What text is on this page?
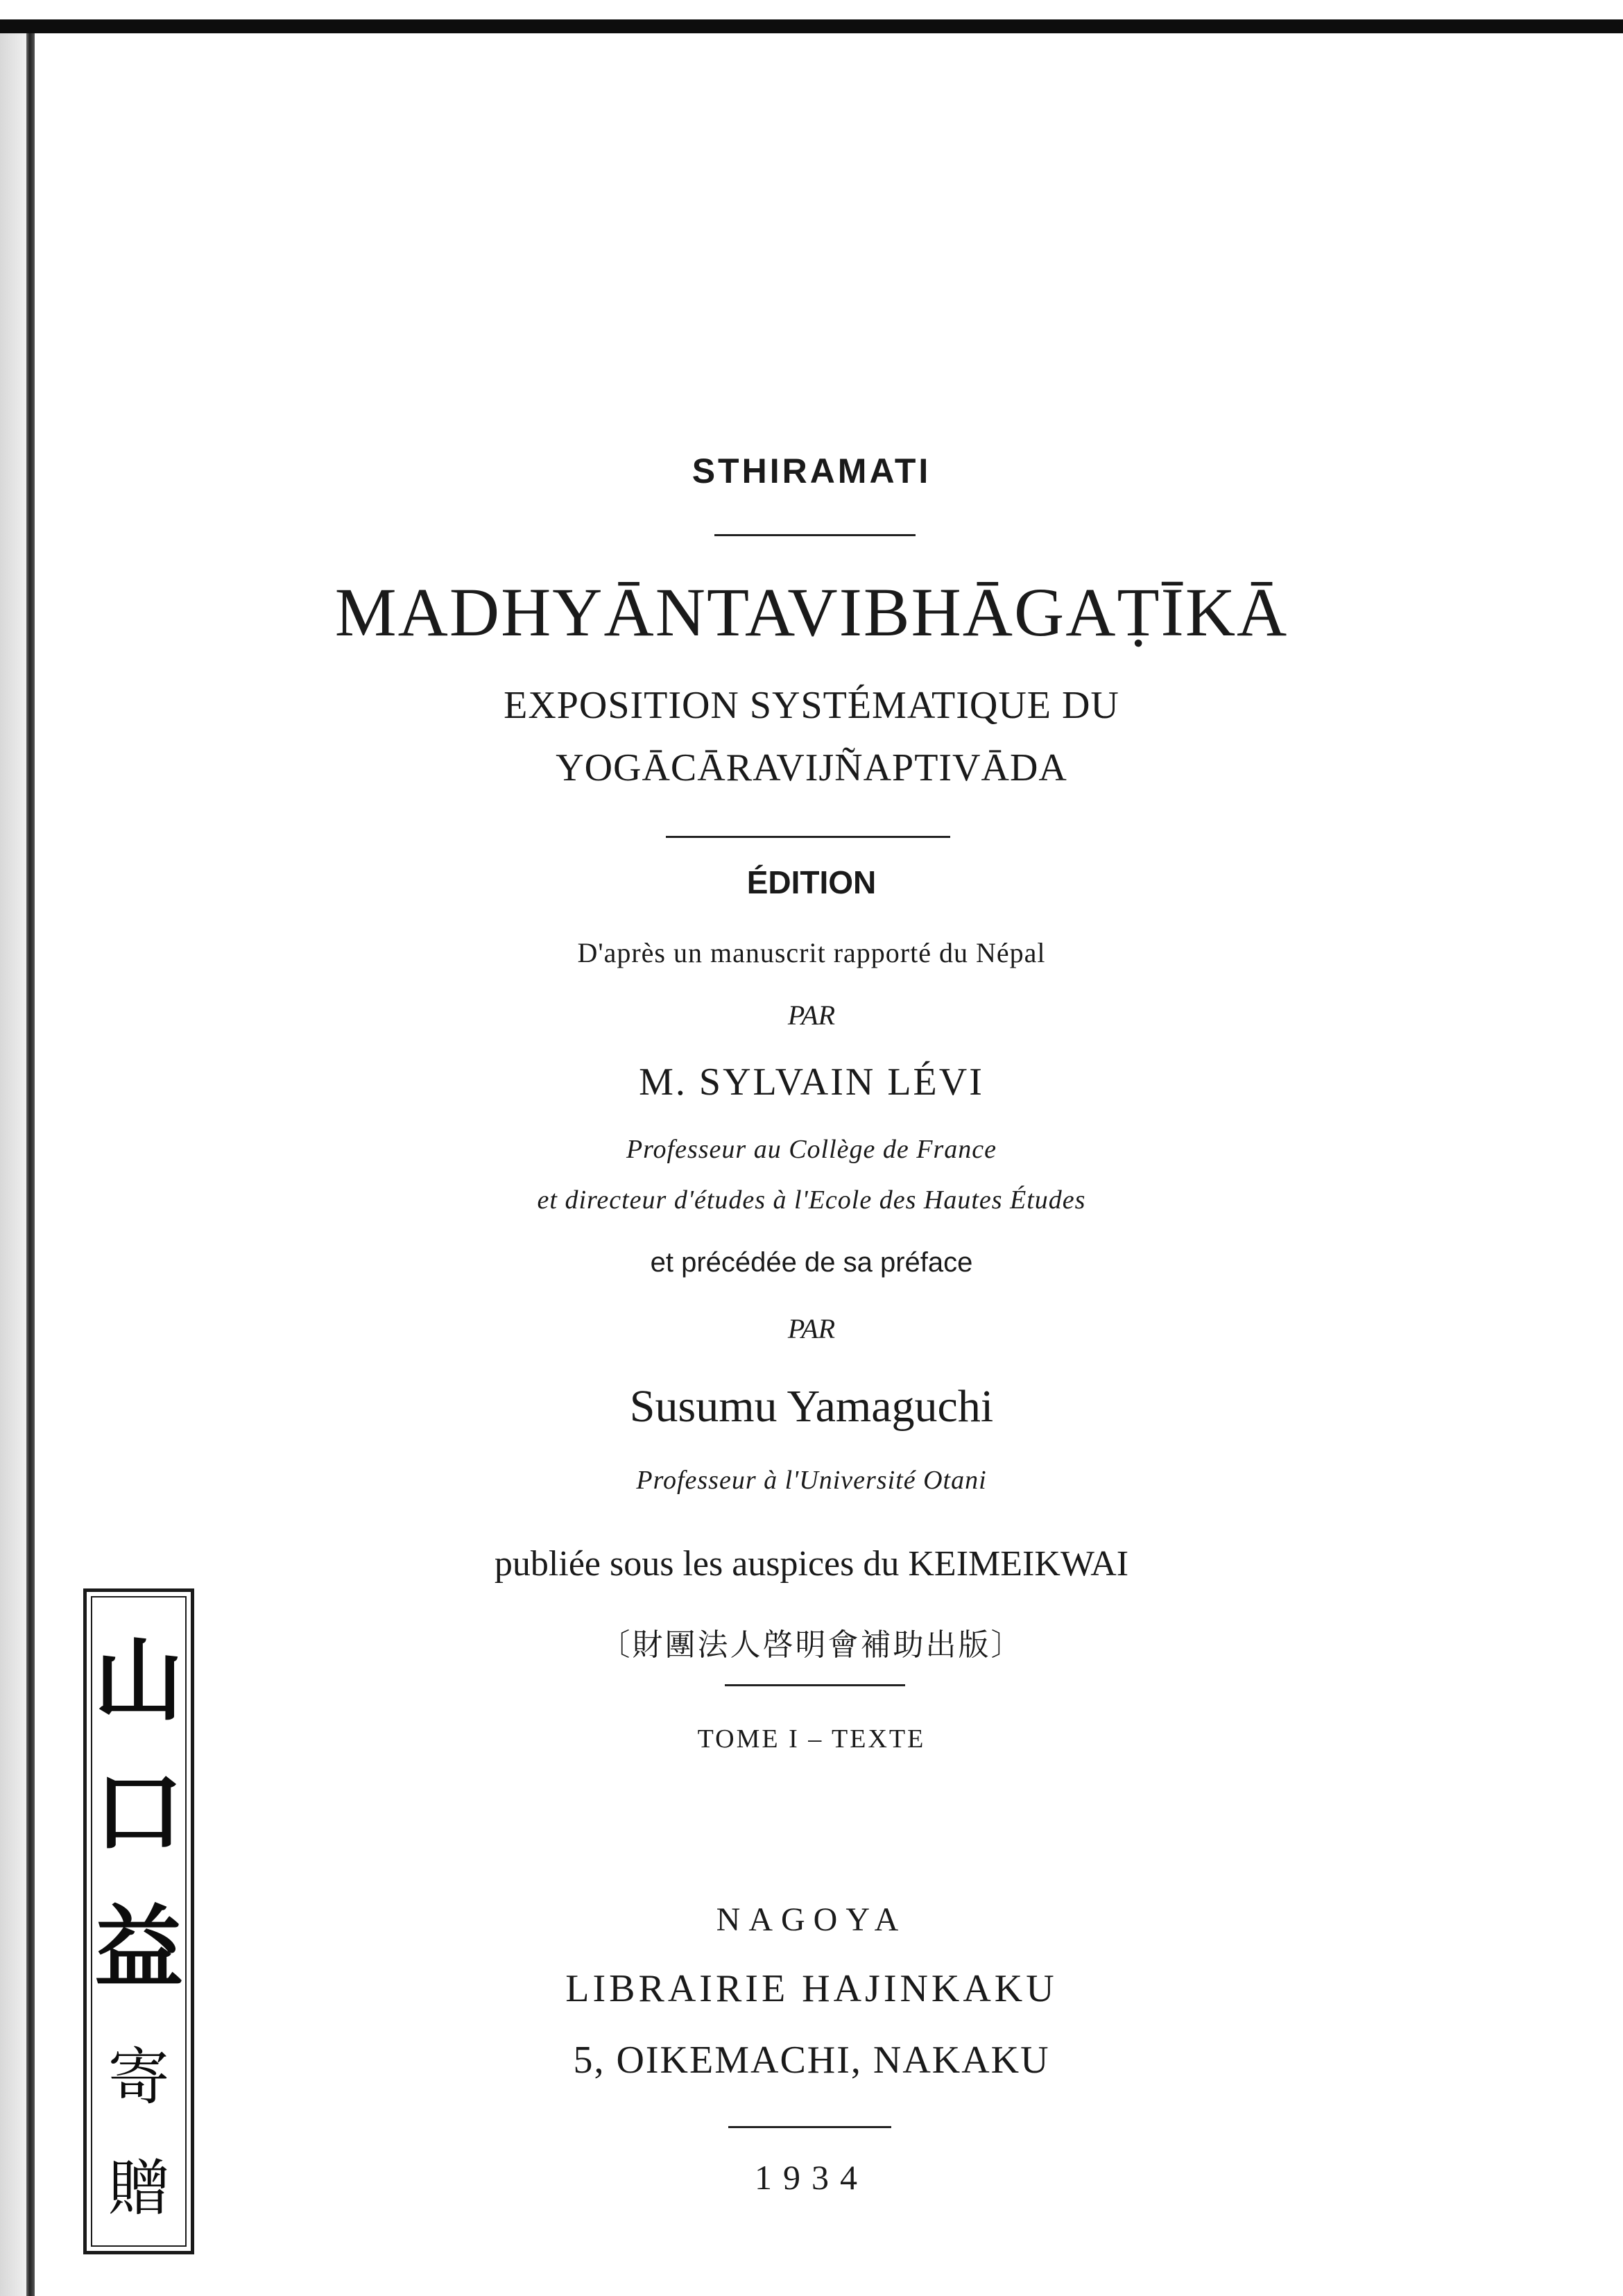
STHIRAMATI
MADHYĀNTAVIBHĀGAṬĪKĀ
EXPOSITION SYSTÉMATIQUE DU
YOGĀCĀRAVIJÑAPTIVĀDA
ÉDITION
D'après un manuscrit rapporté du Népal
PAR
M. SYLVAIN LÉVI
Professeur au Collège de France
et directeur d'études à l'Ecole des Hautes Études
et précédée de sa préface
PAR
Susumu Yamaguchi
Professeur à l'Université Otani
publiée sous les auspices du KEIMEIKWAI
〔財團法人啓明會補助出版〕
TOME I – TEXTE
NAGOYA
LIBRAIRIE HAJINKAKU
5, OIKEMACHI, NAKAKU
1934
山
口
益
寄
贈
